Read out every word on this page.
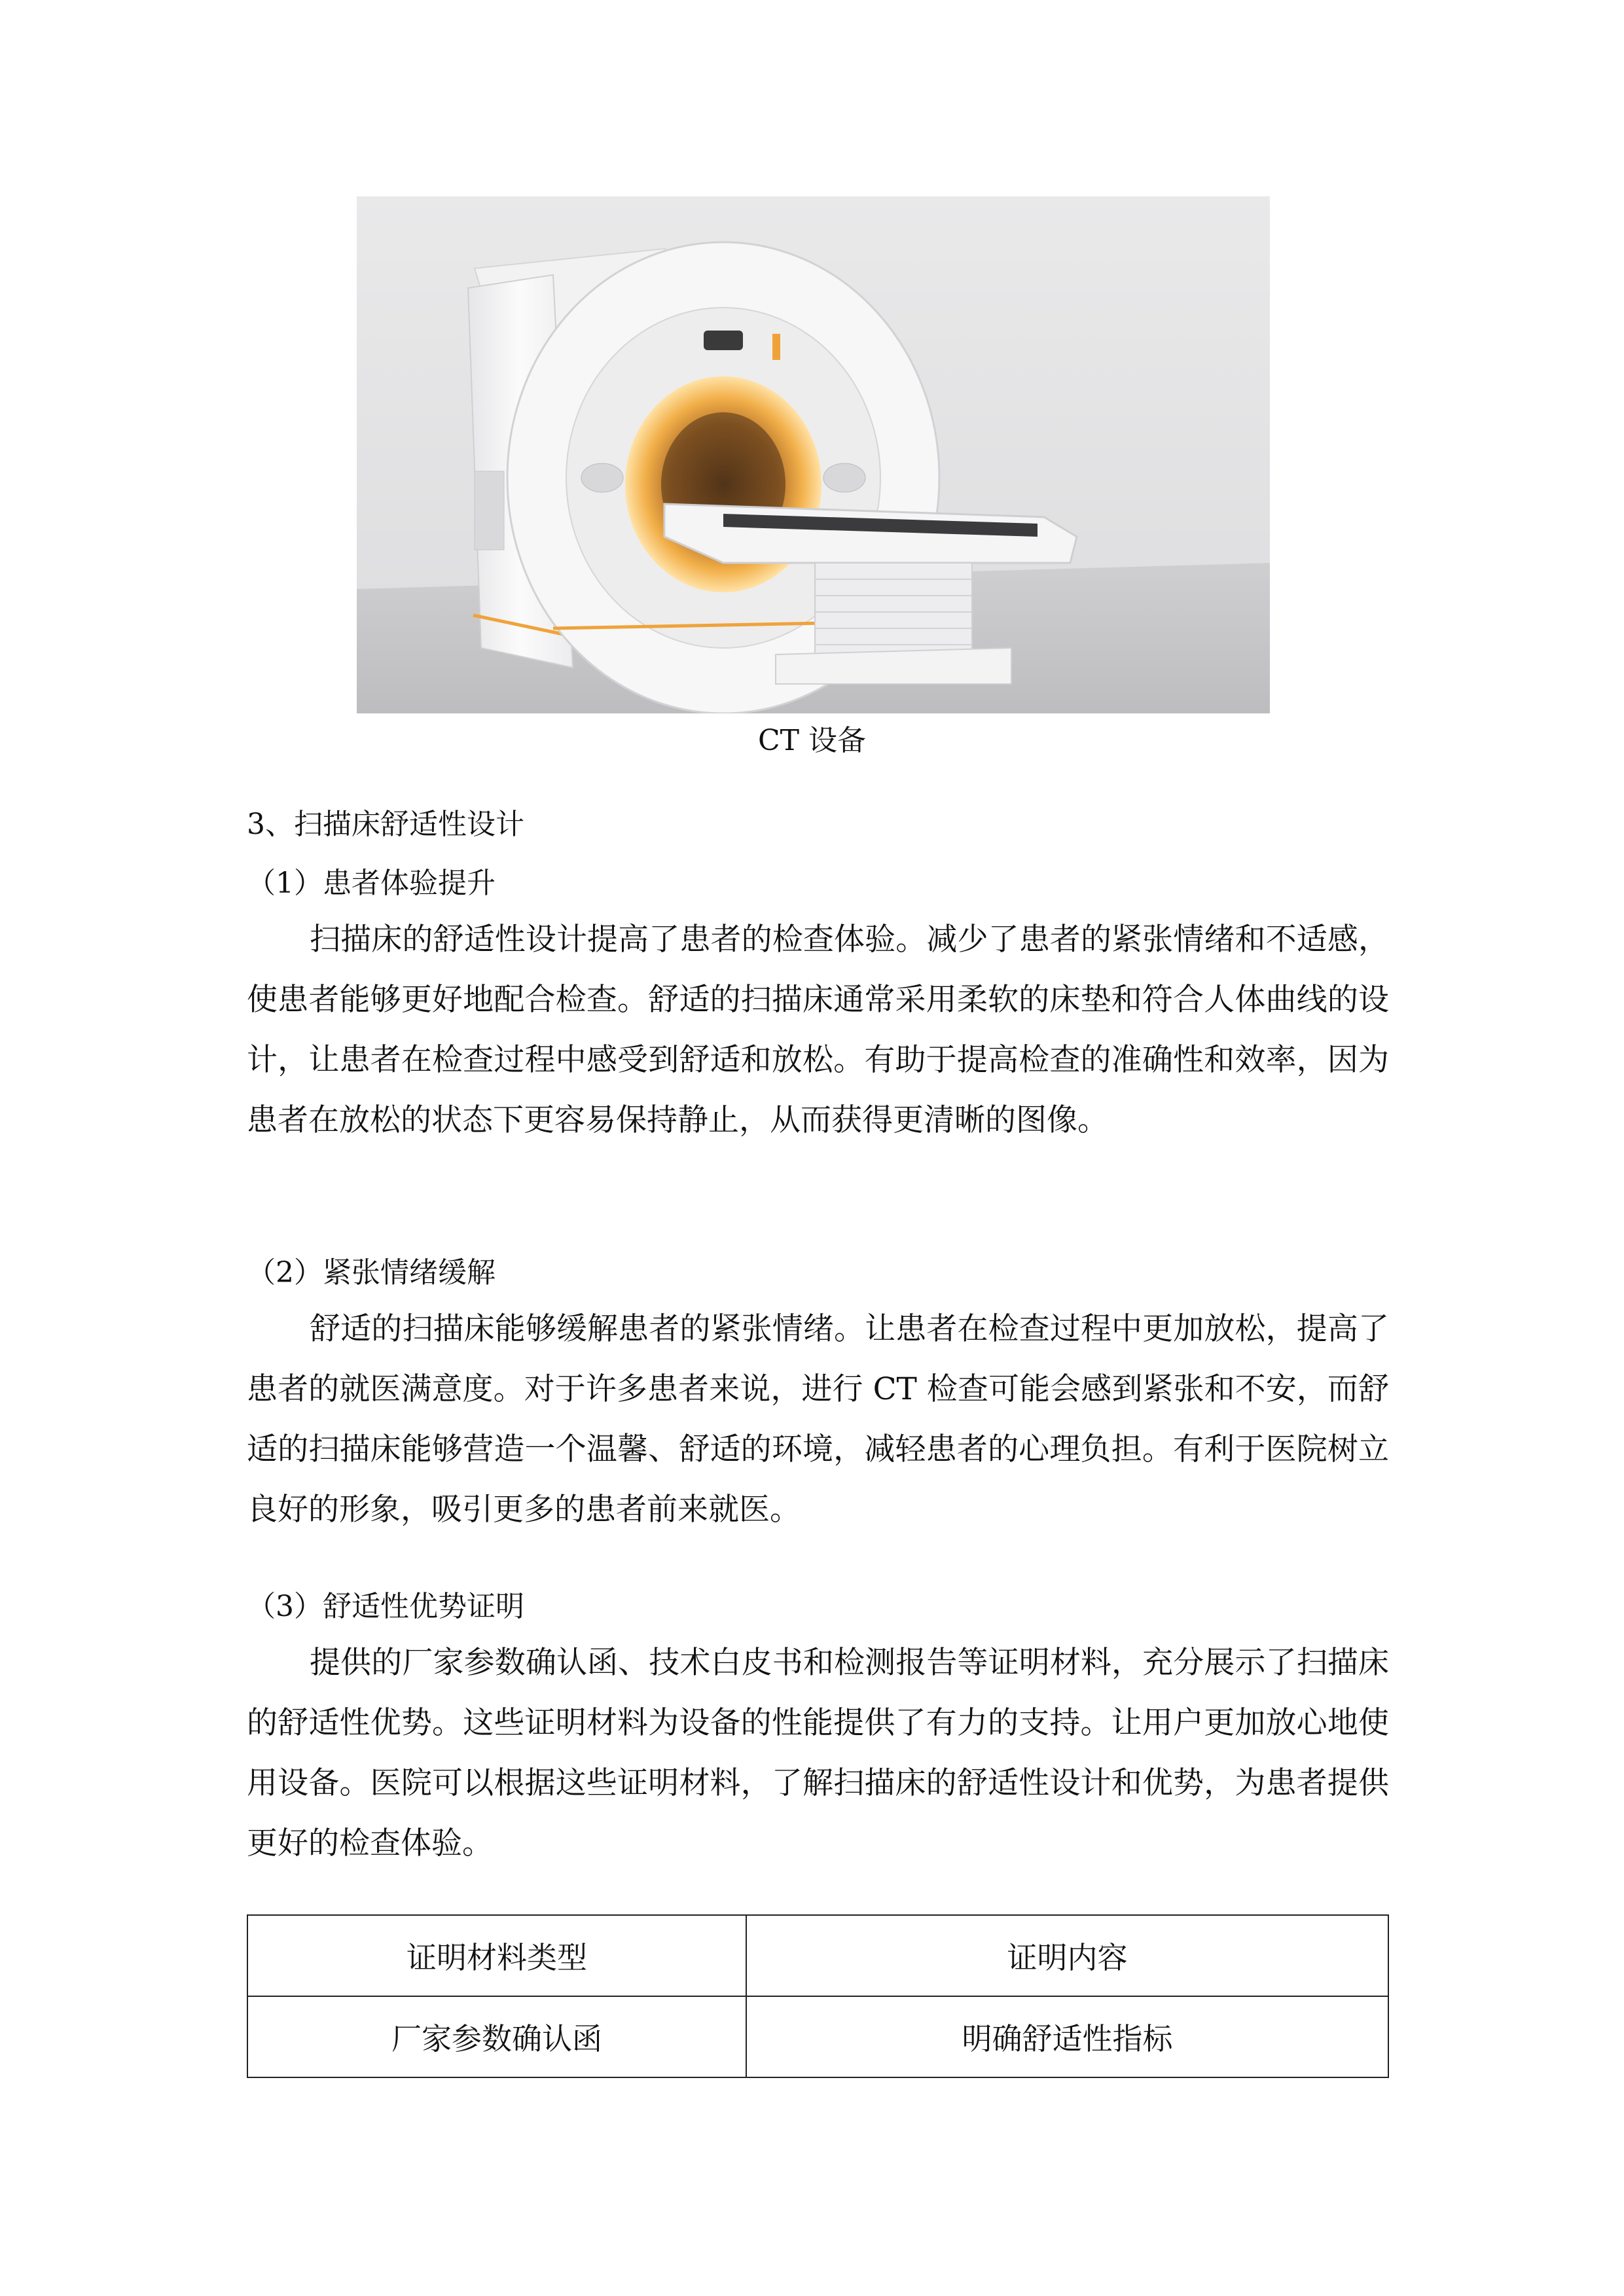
CT 设备
3、扫描床舒适性设计
（1）患者体验提升
扫描床的舒适性设计提高了患者的检查体验。减少了患者的紧张情绪和不适感，使患者能够更好地配合检查。舒适的扫描床通常采用柔软的床垫和符合人体曲线的设计，让患者在检查过程中感受到舒适和放松。有助于提高检查的准确性和效率，因为患者在放松的状态下更容易保持静止，从而获得更清晰的图像。
（2）紧张情绪缓解
舒适的扫描床能够缓解患者的紧张情绪。让患者在检查过程中更加放松，提高了患者的就医满意度。对于许多患者来说，进行 CT 检查可能会感到紧张和不安，而舒适的扫描床能够营造一个温馨、舒适的环境，减轻患者的心理负担。有利于医院树立良好的形象，吸引更多的患者前来就医。
（3）舒适性优势证明
提供的厂家参数确认函、技术白皮书和检测报告等证明材料，充分展示了扫描床的舒适性优势。这些证明材料为设备的性能提供了有力的支持。让用户更加放心地使用设备。医院可以根据这些证明材料，了解扫描床的舒适性设计和优势，为患者提供更好的检查体验。
证明材料类型	证明内容
厂家参数确认函	明确舒适性指标
